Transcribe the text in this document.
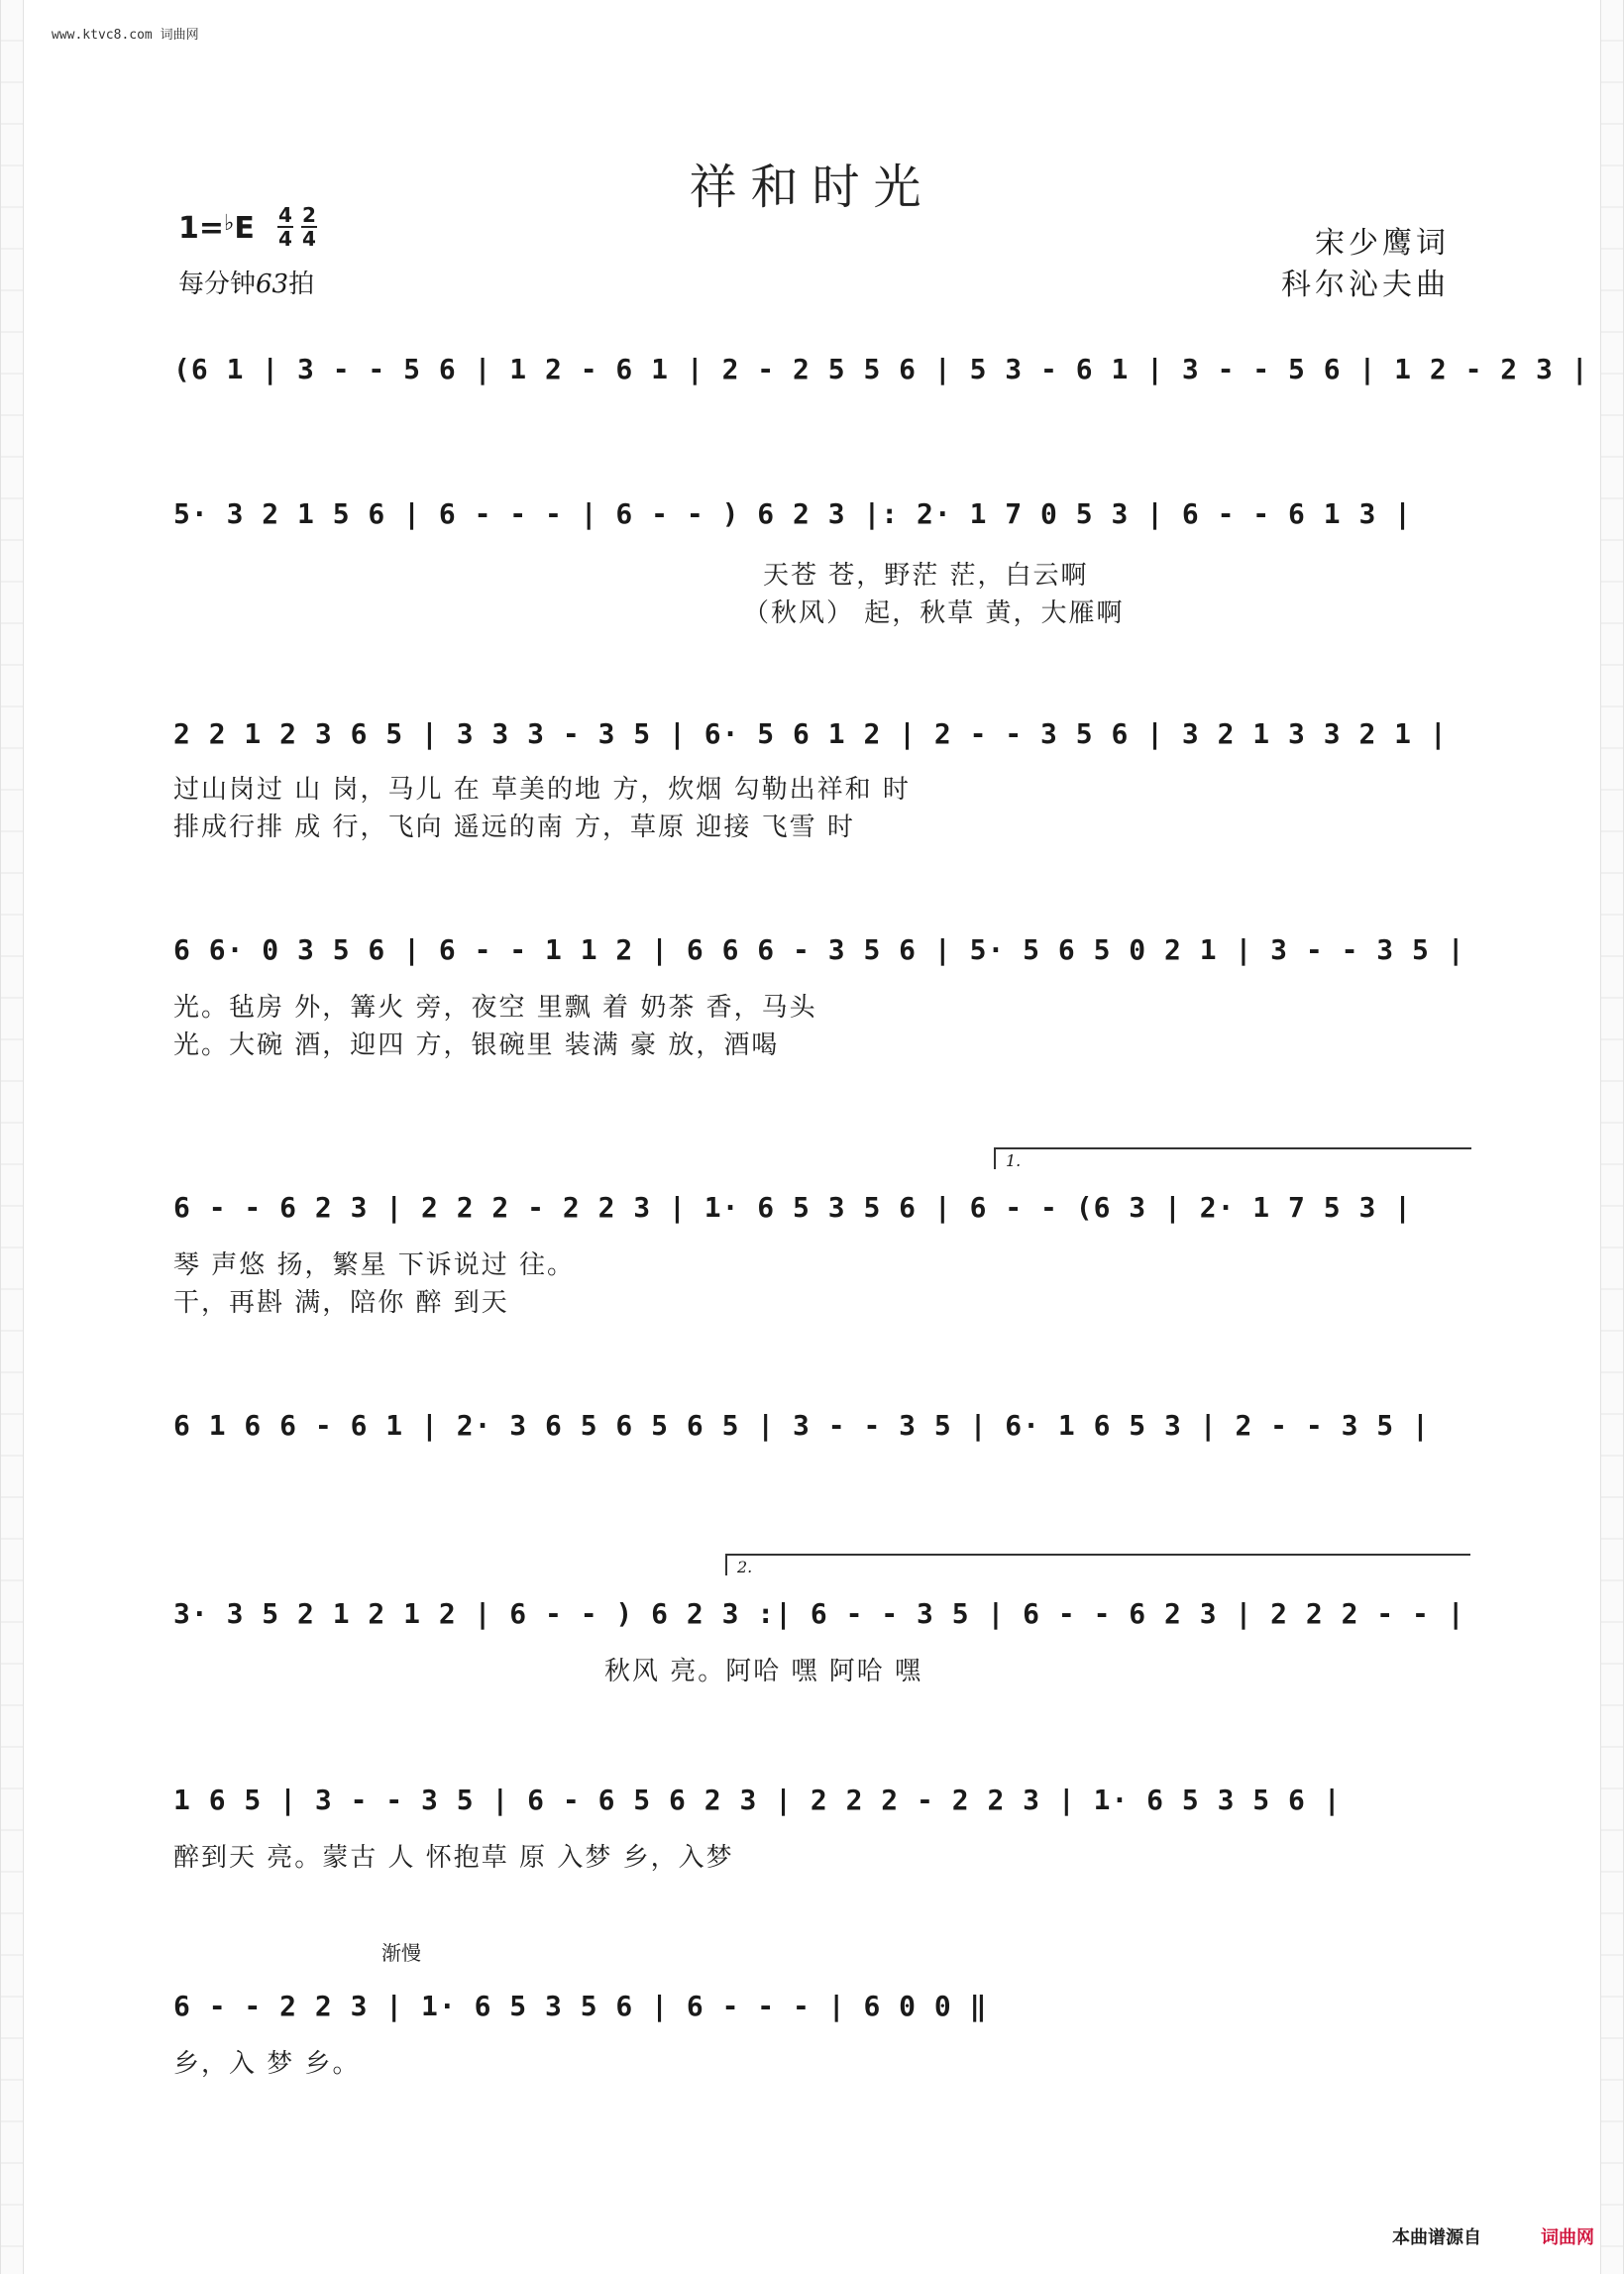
www.ktvc8.com 词曲网
祥和时光
1=♭E 4
4
2
4
每分钟63拍
宋少鹰词
科尔沁夫曲
(6 1 | 3 - - 5 6 | 1 2 - 6 1 | 2 - 2 5 5 6 | 5 3 - 6 1 | 3 - - 5 6 | 1 2 - 2 3 |
5· 3 2 1 5 6 | 6 - - - | 6 - - ) 6 2 3 |: 2· 1 7 0 5 3 | 6 - - 6 1 3 |
天苍 苍，野茫 茫，白云啊
（秋风） 起，秋草 黄，大雁啊
2 2 1 2 3 6 5 | 3 3 3 - 3 5 | 6· 5 6 1 2 | 2 - - 3 5 6 | 3 2 1 3 3 2 1 |
过山岗过 山 岗，马儿 在 草美的地 方，炊烟 勾勒出祥和 时
排成行排 成 行，飞向 遥远的南 方，草原 迎接 飞雪 时
6 6· 0 3 5 6 | 6 - - 1 1 2 | 6 6 6 - 3 5 6 | 5· 5 6 5 0 2 1 | 3 - - 3 5 |
光。毡房 外，篝火 旁，夜空 里飘 着 奶茶 香，马头
光。大碗 酒，迎四 方，银碗里 装满 豪 放，酒喝
1.
6 - - 6 2 3 | 2 2 2 - 2 2 3 | 1· 6 5 3 5 6 | 6 - - (6 3 | 2· 1 7 5 3 |
琴 声悠 扬，繁星 下诉说过 往。
干，再斟 满，陪你 醉 到天
6 1 6 6 - 6 1 | 2· 3 6 5 6 5 6 5 | 3 - - 3 5 | 6· 1 6 5 3 | 2 - - 3 5 |
2.
3· 3 5 2 1 2 1 2 | 6 - - ) 6 2 3 :| 6 - - 3 5 | 6 - - 6 2 3 | 2 2 2 - - |
秋风 亮。阿哈 嘿 阿哈 嘿
1 6 5 | 3 - - 3 5 | 6 - 6 5 6 2 3 | 2 2 2 - 2 2 3 | 1· 6 5 3 5 6 |
醉到天 亮。蒙古 人 怀抱草 原 入梦 乡，入梦
渐慢
6 - - 2 2 3 | 1· 6 5 3 5 6 | 6 - - - | 6 0 0 ‖
乡，入 梦 乡。
本曲谱源自	词曲网
